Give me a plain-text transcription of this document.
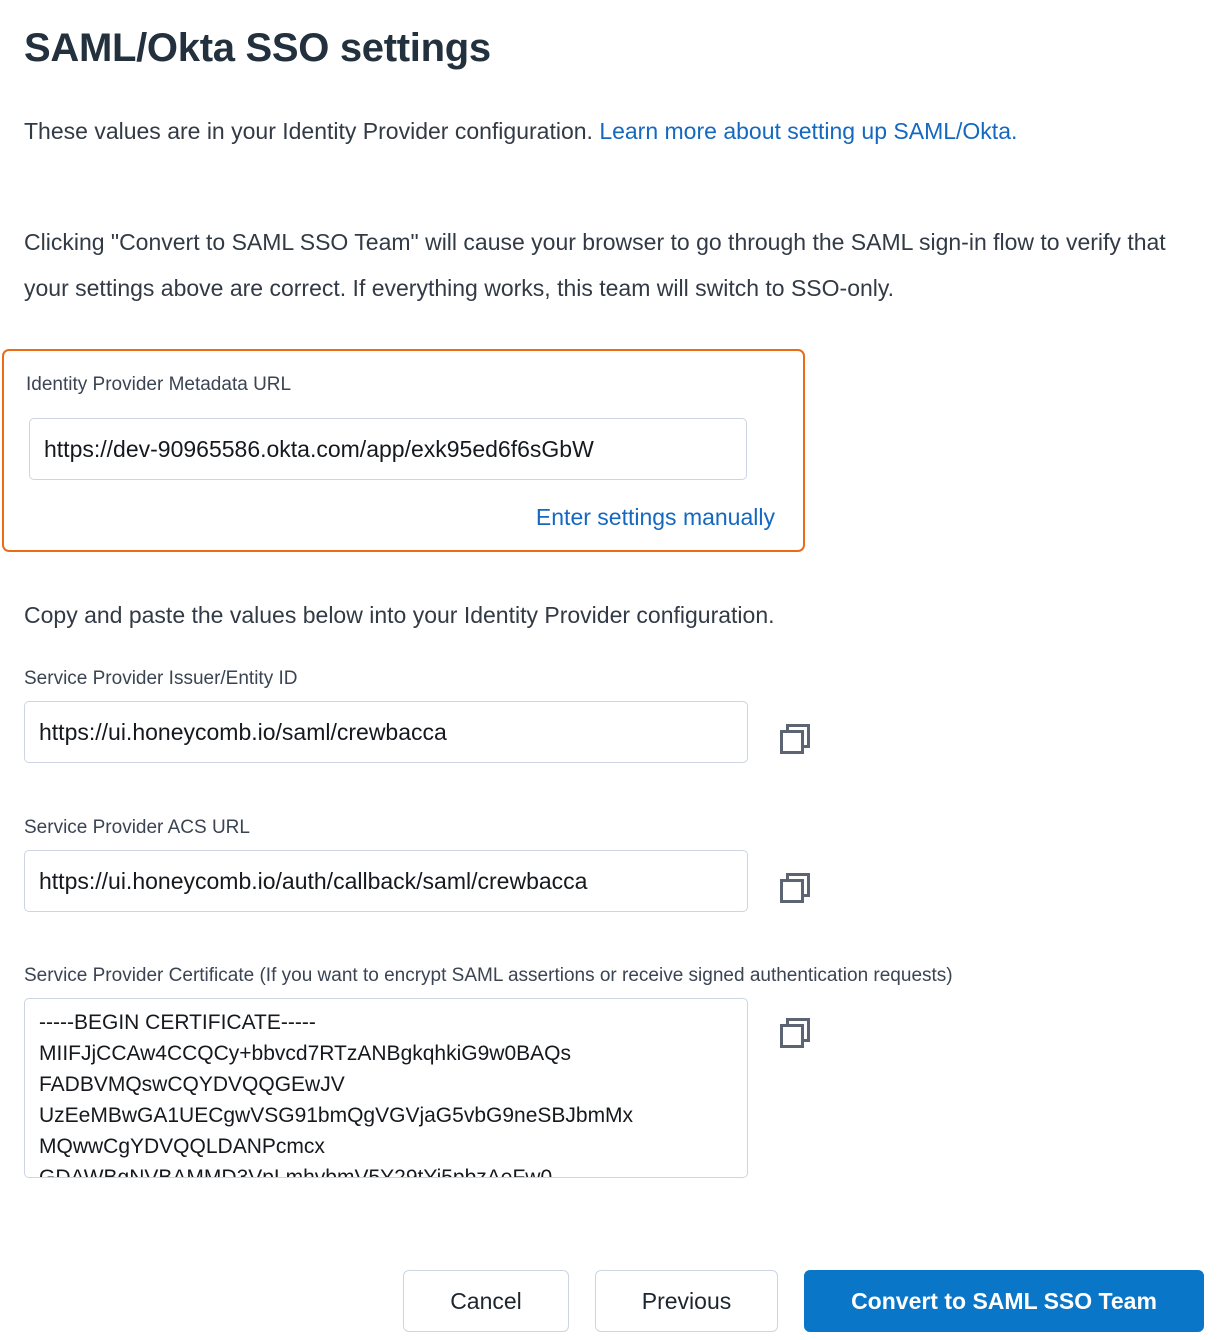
SAML/Okta SSO settings

These values are in your Identity Provider configuration. Learn more about setting up SAML/Okta.

Clicking "Convert to SAML SSO Team" will cause your browser to go through the SAML sign-in flow to verify that your settings above are correct. If everything works, this team will switch to SSO-only.

Identity Provider Metadata URL
https://dev-90965586.okta.com/app/exk95ed6f6sGbW
Enter settings manually

Copy and paste the values below into your Identity Provider configuration.

Service Provider Issuer/Entity ID
https://ui.honeycomb.io/saml/crewbacca
Service Provider ACS URL
https://ui.honeycomb.io/auth/callback/saml/crewbacca
Service Provider Certificate (If you want to encrypt SAML assertions or receive signed authentication requests)
-----BEGIN CERTIFICATE----- MIIFJjCCAw4CCQCy+bbvcd7RTzANBgkqhkiG9w0BAQs FADBVMQswCQYDVQQGEwJV UzEeMBwGA1UECgwVSG91bmQgVGVjaG5vbG9neSBJbmMx MQwwCgYDVQQLDANPcmcx GDAWBgNVBAMMD3VpLmhvbmV5Y29tYi5pbzAeFw0
Cancel	Previous	Convert to SAML SSO Team
